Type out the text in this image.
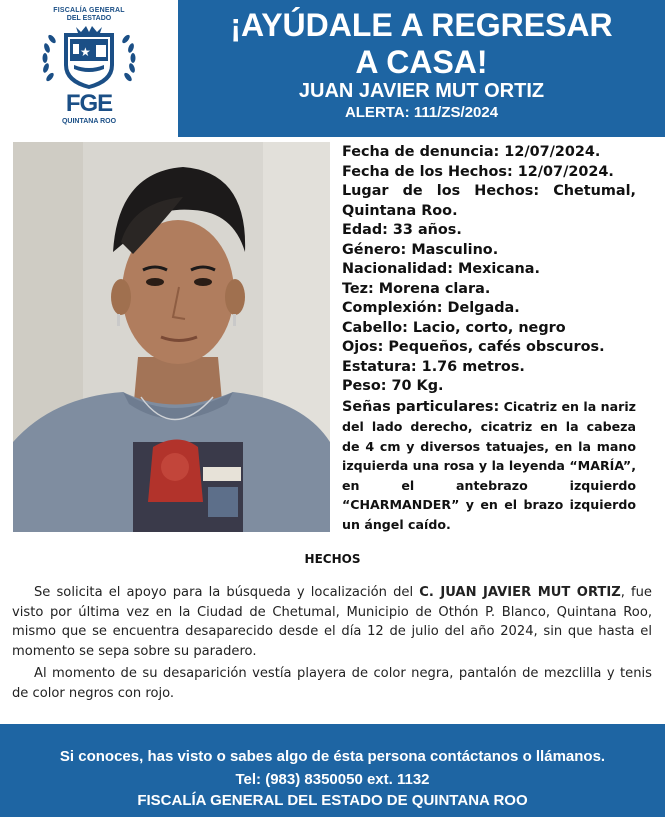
FISCALÍA GENERAL
DEL ESTADO
★
FGE
QUINTANA ROO
¡AYÚDALE A REGRESAR
A CASA!
JUAN JAVIER MUT ORTIZ
ALERTA: 111/ZS/2024
Fecha de denuncia: 12/07/2024.
Fecha de los Hechos: 12/07/2024.
Lugar de los Hechos: Chetumal, Quintana Roo.
Edad: 33 años.
Género: Masculino.
Nacionalidad: Mexicana.
Tez: Morena clara.
Complexión: Delgada.
Cabello: Lacio, corto, negro
Ojos: Pequeños, cafés obscuros.
Estatura: 1.76 metros.
Peso: 70 Kg.
Señas particulares: Cicatriz en la nariz del lado derecho, cicatriz en la cabeza de 4 cm y diversos tatuajes, en la mano izquierda una rosa y la leyenda “MARÍA”, en el antebrazo izquierdo “CHARMANDER” y en el brazo izquierdo un ángel caído.
HECHOS

Se solicita el apoyo para la búsqueda y localización del C. JUAN JAVIER MUT ORTIZ, fue visto por última vez en la Ciudad de Chetumal, Municipio de Othón P. Blanco, Quintana Roo, mismo que se encuentra desaparecido desde el día 12 de julio del año 2024, sin que hasta el momento se sepa sobre su paradero.

Al momento de su desaparición vestía playera de color negra, pantalón de mezclilla y tenis de color negros con rojo.

Si conoces, has visto o sabes algo de ésta persona contáctanos o llámanos.
Tel: (983) 8350050 ext. 1132
FISCALÍA GENERAL DEL ESTADO DE QUINTANA ROO
